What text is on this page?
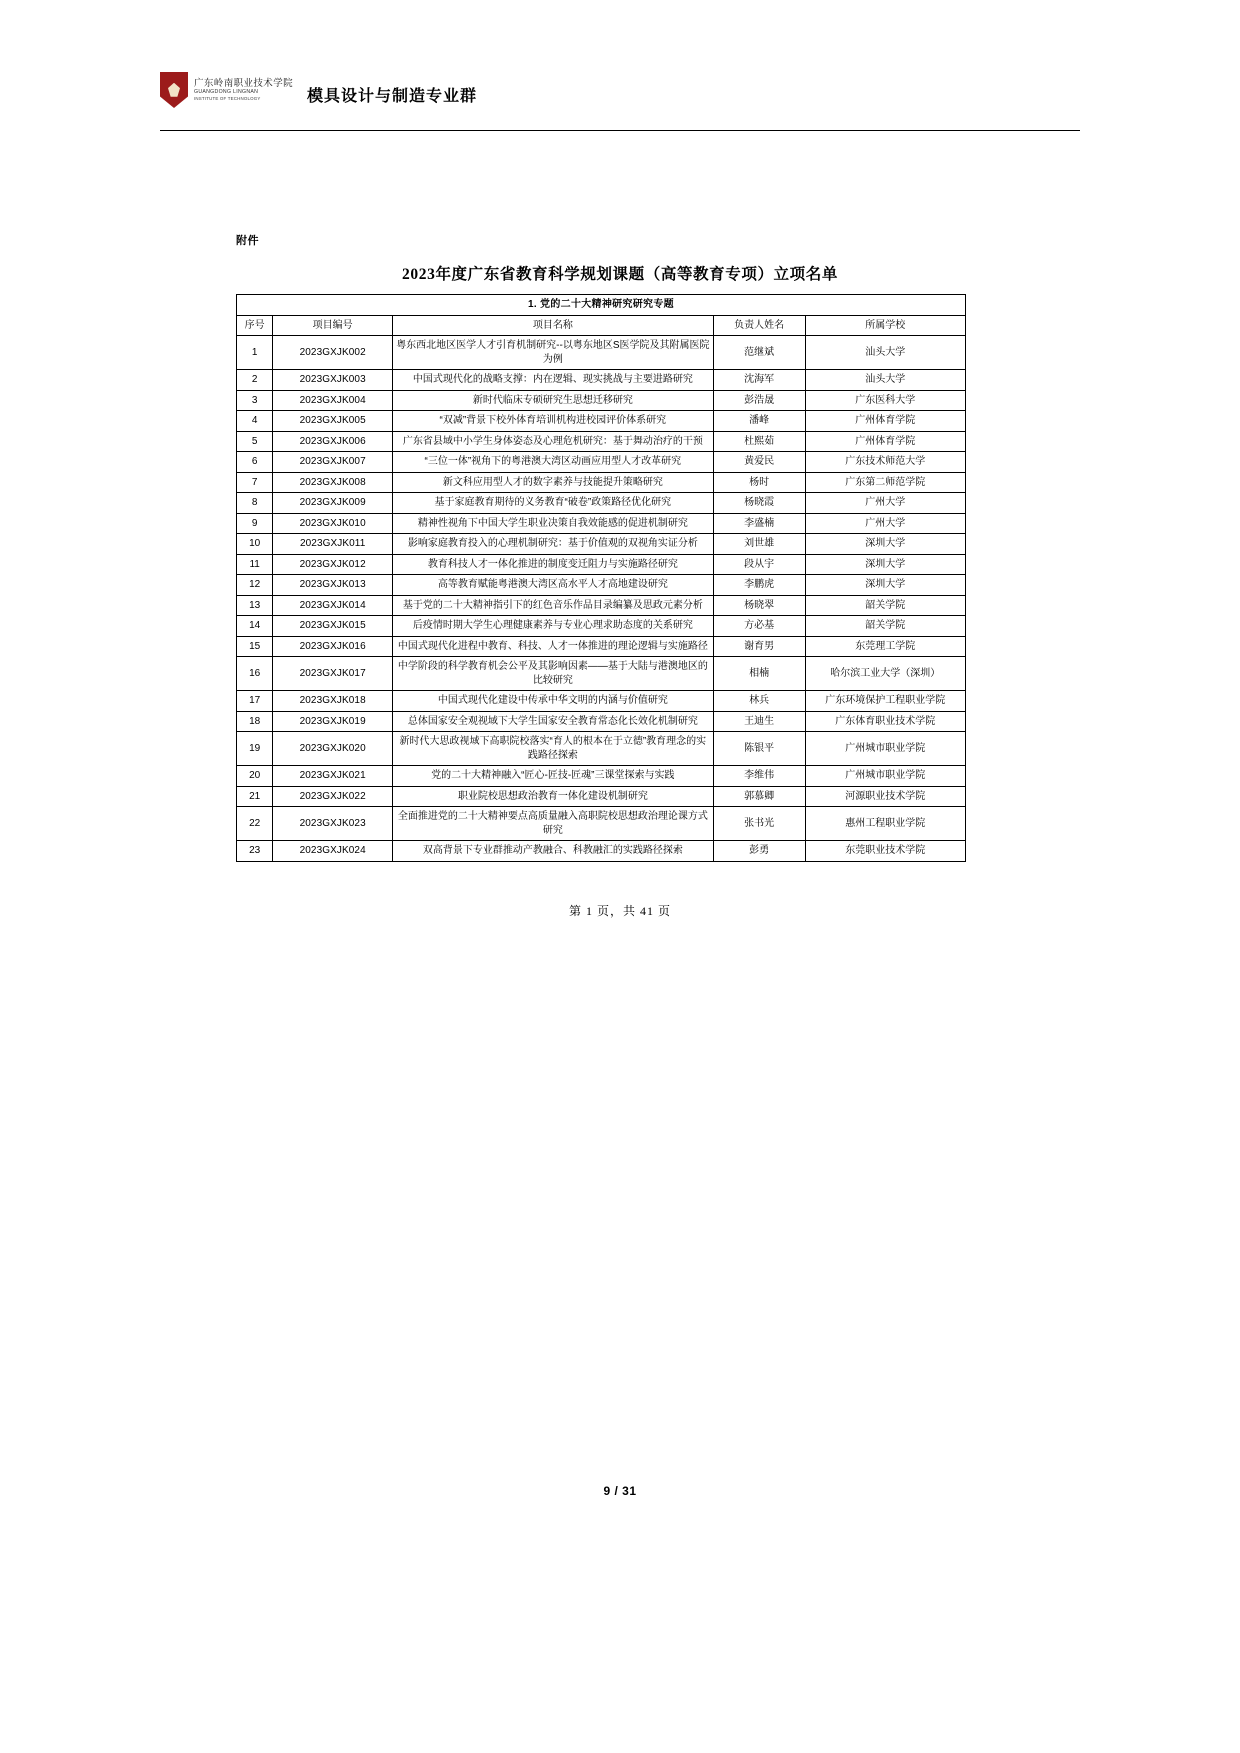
广东岭南职业技术学院
GUANGDONG LINGNAN
INSTITUTE OF TECHNOLOGY	模具设计与制造专业群
附件
2023年度广东省教育科学规划课题（高等教育专项）立项名单
1. 党的二十大精神研究研究专题				
序号	项目编号	项目名称	负责人姓名	所属学校
1	2023GXJK002	粤东西北地区医学人才引育机制研究--以粤东地区S医学院及其附属医院为例	范继斌	汕头大学
2	2023GXJK003	中国式现代化的战略支撑：内在逻辑、现实挑战与主要进路研究	沈海军	汕头大学
3	2023GXJK004	新时代临床专硕研究生思想迁移研究	彭浩晟	广东医科大学
4	2023GXJK005	“双减”背景下校外体育培训机构进校园评价体系研究	潘峰	广州体育学院
5	2023GXJK006	广东省县域中小学生身体姿态及心理危机研究：基于舞动治疗的干预	杜熙茹	广州体育学院
6	2023GXJK007	“三位一体”视角下的粤港澳大湾区动画应用型人才改革研究	黄爱民	广东技术师范大学
7	2023GXJK008	新文科应用型人才的数字素养与技能提升策略研究	杨时	广东第二师范学院
8	2023GXJK009	基于家庭教育期待的义务教育“破卷”政策路径优化研究	杨晓霞	广州大学
9	2023GXJK010	精神性视角下中国大学生职业决策自我效能感的促进机制研究	李盛楠	广州大学
10	2023GXJK011	影响家庭教育投入的心理机制研究：基于价值观的双视角实证分析	刘世雄	深圳大学
11	2023GXJK012	教育科技人才一体化推进的制度变迁阻力与实施路径研究	段从宇	深圳大学
12	2023GXJK013	高等教育赋能粤港澳大湾区高水平人才高地建设研究	李鹏虎	深圳大学
13	2023GXJK014	基于党的二十大精神指引下的红色音乐作品目录编纂及思政元素分析	杨晓翠	韶关学院
14	2023GXJK015	后疫情时期大学生心理健康素养与专业心理求助态度的关系研究	方必基	韶关学院
15	2023GXJK016	中国式现代化进程中教育、科技、人才一体推进的理论逻辑与实施路径	谢育男	东莞理工学院
16	2023GXJK017	中学阶段的科学教育机会公平及其影响因素——基于大陆与港澳地区的比较研究	相楠	哈尔滨工业大学（深圳）
17	2023GXJK018	中国式现代化建设中传承中华文明的内涵与价值研究	林兵	广东环境保护工程职业学院
18	2023GXJK019	总体国家安全观视域下大学生国家安全教育常态化长效化机制研究	王迪生	广东体育职业技术学院
19	2023GXJK020	新时代大思政视域下高职院校落实“育人的根本在于立德”教育理念的实践路径探索	陈银平	广州城市职业学院
20	2023GXJK021	党的二十大精神融入“匠心-匠技-匠魂”三课堂探索与实践	李维伟	广州城市职业学院
21	2023GXJK022	职业院校思想政治教育一体化建设机制研究	郭慕卿	河源职业技术学院
22	2023GXJK023	全面推进党的二十大精神要点高质量融入高职院校思想政治理论课方式研究	张书光	惠州工程职业学院
23	2023GXJK024	双高背景下专业群推动产教融合、科教融汇的实践路径探索	彭勇	东莞职业技术学院
第 1 页，共 41 页
9 / 31
